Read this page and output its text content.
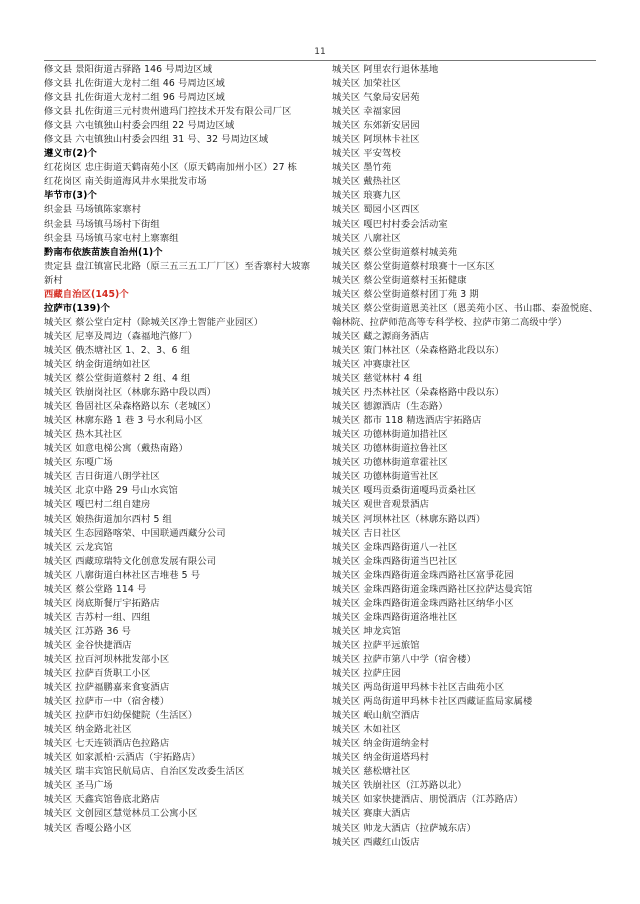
11
修文县 景阳街道古驿路 146 号周边区域
修文县 扎佐街道大龙村二组 46 号周边区域
修文县 扎佐街道大龙村二组 96 号周边区域
修文县 扎佐街道三元村贵州遗玛门控技术开发有限公司厂区
修文县 六屯镇独山村委会四组 22 号周边区域
修文县 六屯镇独山村委会四组 31 号、32 号周边区域
遵义市(2)个
红花岗区 忠庄街道天鹤南苑小区（原天鹤南加州小区）27 栋
红花岗区 南关街道海风井水果批发市场
毕节市(3)个
织金县 马场镇陈家寨村
织金县 马场镇马场村下街组
织金县 马场镇马家屯村上寨寨组
黔南布依族苗族自治州(1)个
贵定县 盘江镇富民北路（原三五三五工厂厂区）至香寨村大坡寨新村
西藏自治区(145)个
拉萨市(139)个
城关区 蔡公堂白定村（除城关区净土智能产业园区）
城关区 尼辜及周边（森福地汽修厂）
城关区 俄杰塘社区 1、2、3、6 组
城关区 纳金街道纳如社区
城关区 蔡公堂街道蔡村 2 组、4 组
城关区 铁崩岗社区（林廓东路中段以西）
城关区 鲁固社区朵森格路以东（老城区）
城关区 林廓东路 1 巷 3 号水利局小区
城关区 热木其社区
城关区 如意电梯公寓（戴热南路）
城关区 东嘎广场
城关区 吉日街道八朗学社区
城关区 北京中路 29 号山水宾馆
城关区 嘎巴村二组自建房
城关区 娘热街道加尔西村 5 组
城关区 生态园路喀荣、中国联通西藏分公司
城关区 云龙宾馆
城关区 西藏琼瑞特文化创意发展有限公司
城关区 八廓街道白林社区吉堆巷 5 号
城关区 蔡公堂路 114 号
城关区 岗底斯餐厅宇拓路店
城关区 吉苏村一组、四组
城关区 江苏路 36 号
城关区 金谷快捷酒店
城关区 拉百河坝林批发部小区
城关区 拉萨百货职工小区
城关区 拉萨福鹏嘉来食宴酒店
城关区 拉萨市一中（宿舍楼）
城关区 拉萨市妇幼保健院（生活区）
城关区 纳金路北社区
城关区 七天连锁酒店色拉路店
城关区 如家派柏·云酒店（宇拓路店）
城关区 瑞丰宾馆民航局店、自治区发改委生活区
城关区 圣马广场
城关区 天鑫宾馆鲁底北路店
城关区 文创园区慧觉林员工公寓小区
城关区 香嘎公路小区
城关区 阿里农行退休基地
城关区 加荣社区
城关区 气象局安居苑
城关区 幸福家园
城关区 东郊新安居园
城关区 阿坝林卡社区
城关区 平安驾校
城关区 墨竹苑
城关区 戴热社区
城关区 琅赛九区
城关区 蜀园小区西区
城关区 嘎巴村村委会活动室
城关区 八廓社区
城关区 蔡公堂街道蔡村城美苑
城关区 蔡公堂街道蔡村琅赛十一区东区
城关区 蔡公堂街道蔡村玉拓健康
城关区 蔡公堂街道蔡村团丁苑 3 期
城关区 蔡公堂街道恩美社区（恩美苑小区、书山郡、泰盈悦庭、翰林院、拉萨师范高等专科学校、拉萨市第二高级中学）
城关区 藏之源商务酒店
城关区 策门林社区（朵森格路北段以东）
城关区 冲赛康社区
城关区 慈觉林村 4 组
城关区 丹杰林社区（朵森格路中段以东）
城关区 德源酒店（生态路）
城关区 都市 118 精选酒店宇拓路店
城关区 功德林街道加措社区
城关区 功德林街道拉鲁社区
城关区 功德林街道章霍社区
城关区 功德林街道雪社区
城关区 嘎玛贡桑街道嘎玛贡桑社区
城关区 观世音观景酒店
城关区 河坝林社区（林廓东路以西）
城关区 吉日社区
城关区 金珠西路街道八一社区
城关区 金珠西路街道当巴社区
城关区 金珠西路街道金珠西路社区富爭花园
城关区 金珠西路街道金珠西路社区拉萨达曼宾馆
城关区 金珠西路街道金珠西路社区纳华小区
城关区 金珠西路街道洛堆社区
城关区 坤龙宾馆
城关区 拉萨平远旅馆
城关区 拉萨市第八中学（宿舍楼）
城关区 拉萨庄园
城关区 两岛街道甲玛林卡社区吉曲苑小区
城关区 两岛街道甲玛林卡社区西藏证监局家属楼
城关区 岷山航空酒店
城关区 木如社区
城关区 纳金街道纳金村
城关区 纳金街道塔玛村
城关区 慈松塘社区
城关区 铁崩社区（江苏路以北）
城关区 如家快捷酒店、朋悦酒店（江苏路店）
城关区 赛康大酒店
城关区 帅龙大酒店（拉萨城东店）
城关区 西藏红山饭店
